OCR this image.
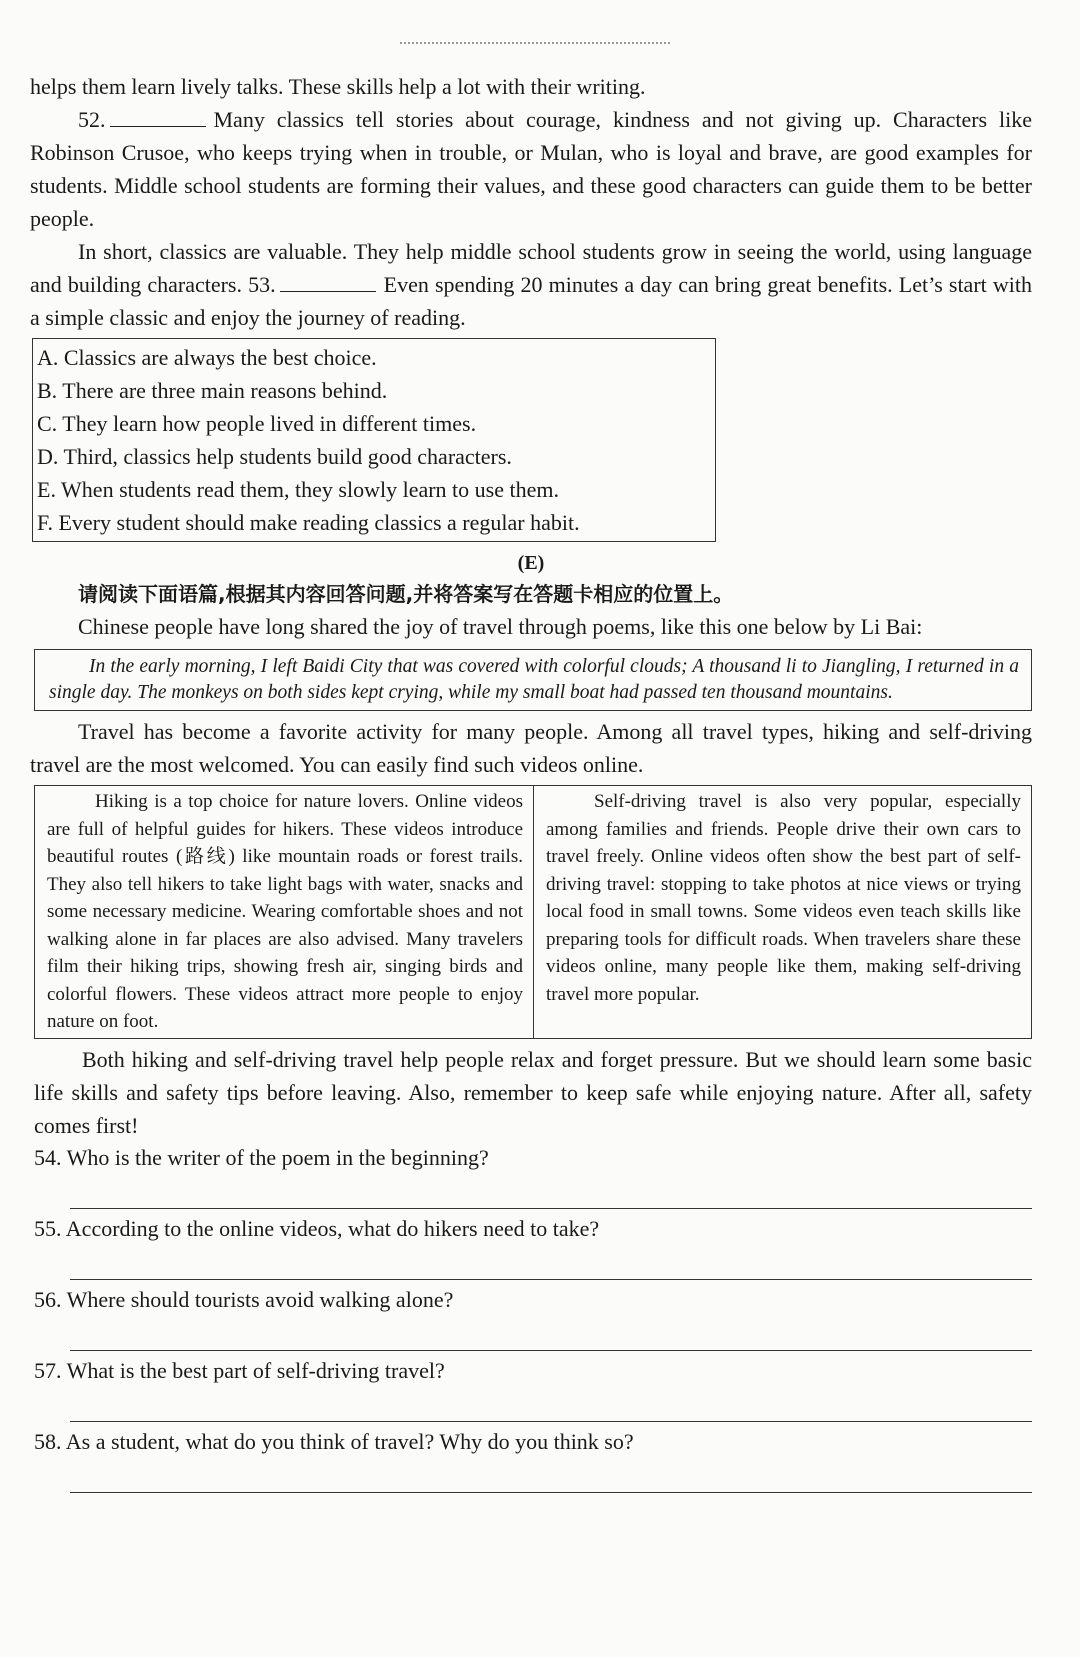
helps them learn lively talks. These skills help a lot with their writing.

52.	Many classics tell stories about courage, kindness and not giving up. Characters like Robinson Crusoe, who keeps trying when in trouble, or Mulan, who is loyal and brave, are good examples for students. Middle school students are forming their values, and these good characters can guide them to be better people.

In short, classics are valuable. They help middle school students grow in seeing the world, using language and building characters. 53.	Even spending 20 minutes a day can bring great benefits. Let’s start with a simple classic and enjoy the journey of reading.

A. Classics are always the best choice.
B. There are three main reasons behind.
C. They learn how people lived in different times.
D. Third, classics help students build good characters.
E. When students read them, they slowly learn to use them.
F. Every student should make reading classics a regular habit.
(E)

请阅读下面语篇,根据其内容回答问题,并将答案写在答题卡相应的位置上。

Chinese people have long shared the joy of travel through poems, like this one below by Li Bai:

In the early morning, I left Baidi City that was covered with colorful clouds; A thousand li to Jiangling, I returned in a single day. The monkeys on both sides kept crying, while my small boat had passed ten thousand mountains.

Travel has become a favorite activity for many people. Among all travel types, hiking and self-driving travel are the most welcomed. You can easily find such videos online.

Hiking is a top choice for nature lovers. Online videos are full of helpful guides for hikers. These videos introduce beautiful routes (路线) like mountain roads or forest trails. They also tell hikers to take light bags with water, snacks and some necessary medicine. Wearing comfortable shoes and not walking alone in far places are also advised. Many travelers film their hiking trips, showing fresh air, singing birds and colorful flowers. These videos attract more people to enjoy nature on foot.

Self-driving travel is also very popular, especially among families and friends. People drive their own cars to travel freely. Online videos often show the best part of self-driving travel: stopping to take photos at nice views or trying local food in small towns. Some videos even teach skills like preparing tools for difficult roads. When travelers share these videos online, many people like them, making self-driving travel more popular.

Both hiking and self-driving travel help people relax and forget pressure. But we should learn some basic life skills and safety tips before leaving. Also, remember to keep safe while enjoying nature. After all, safety comes first!

54. Who is the writer of the poem in the beginning?

55. According to the online videos, what do hikers need to take?

56. Where should tourists avoid walking alone?

57. What is the best part of self-driving travel?

58. As a student, what do you think of travel? Why do you think so?
